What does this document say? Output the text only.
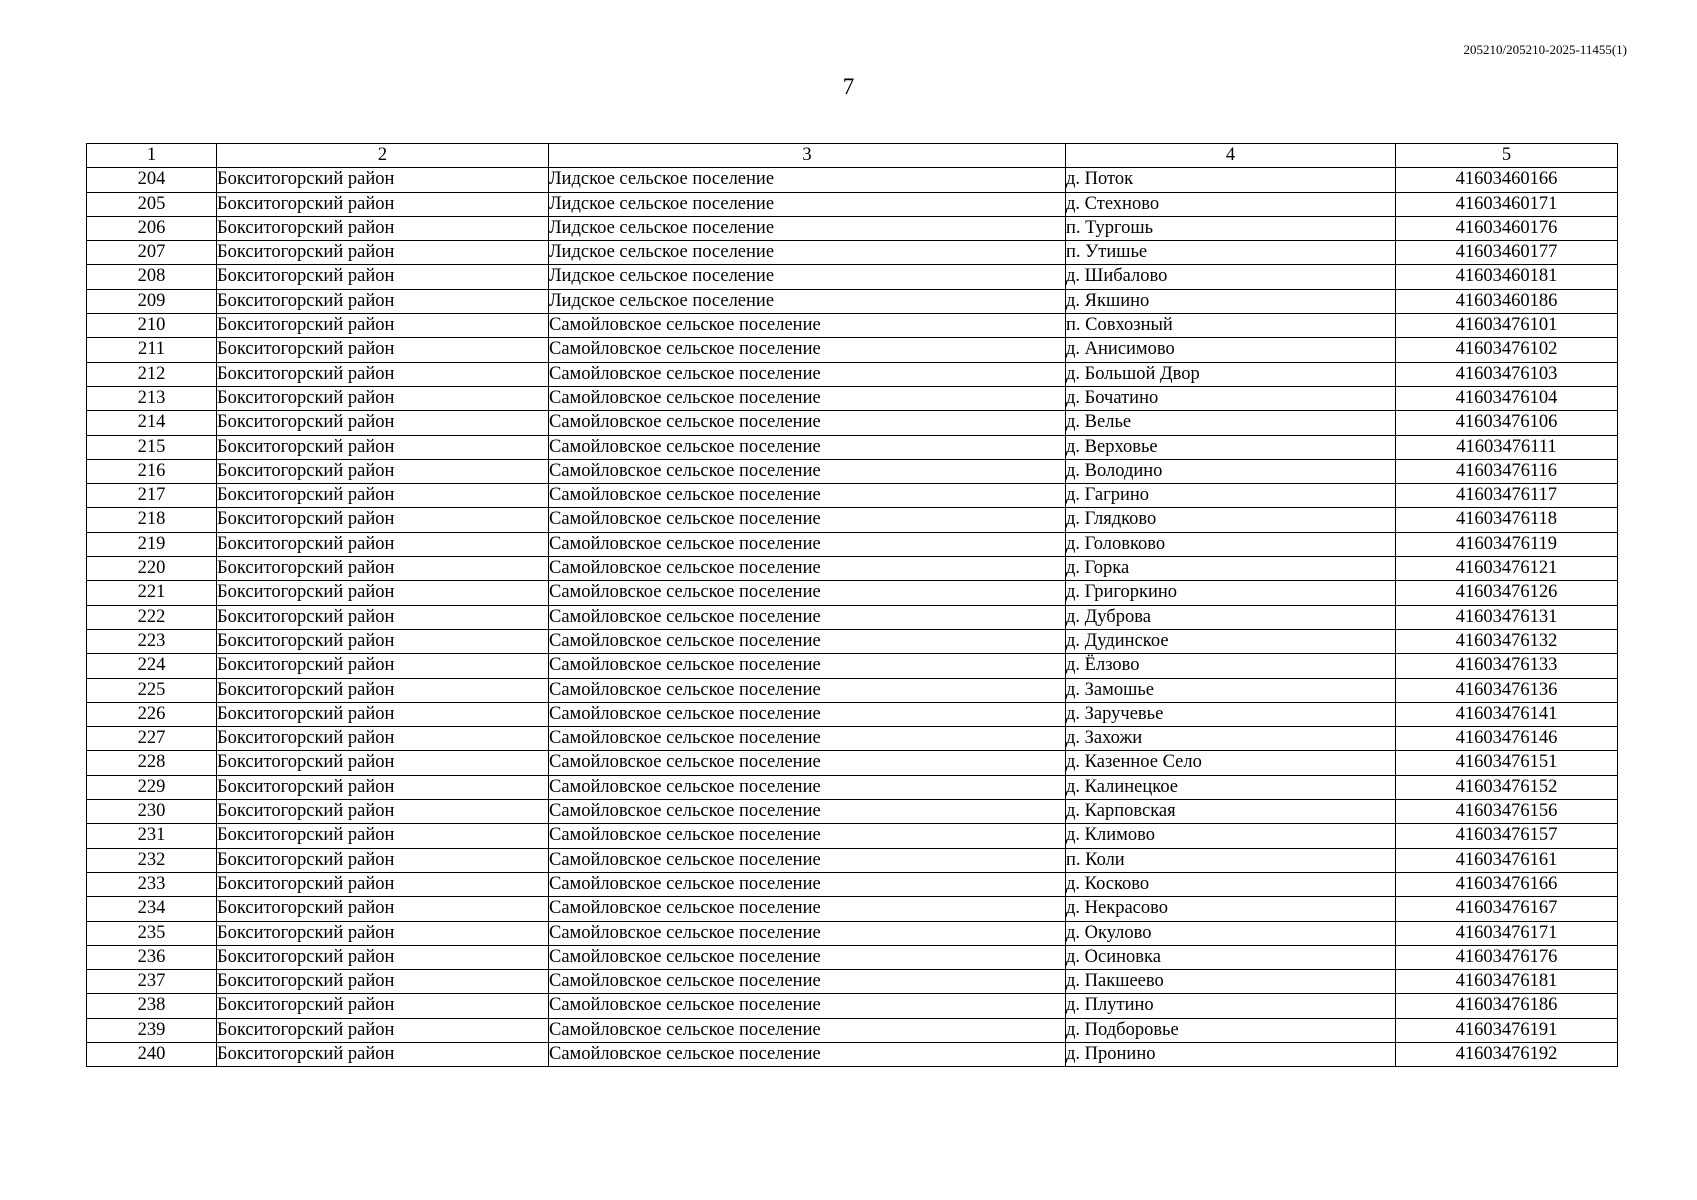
205210/205210-2025-11455(1)
7
1	2	3	4	5
204	Бокситогорский район	Лидское сельское поселение	д. Поток	41603460166
205	Бокситогорский район	Лидское сельское поселение	д. Стехново	41603460171
206	Бокситогорский район	Лидское сельское поселение	п. Тургошь	41603460176
207	Бокситогорский район	Лидское сельское поселение	п. Утишье	41603460177
208	Бокситогорский район	Лидское сельское поселение	д. Шибалово	41603460181
209	Бокситогорский район	Лидское сельское поселение	д. Якшино	41603460186
210	Бокситогорский район	Самойловское сельское поселение	п. Совхозный	41603476101
211	Бокситогорский район	Самойловское сельское поселение	д. Анисимово	41603476102
212	Бокситогорский район	Самойловское сельское поселение	д. Большой Двор	41603476103
213	Бокситогорский район	Самойловское сельское поселение	д. Бочатино	41603476104
214	Бокситогорский район	Самойловское сельское поселение	д. Велье	41603476106
215	Бокситогорский район	Самойловское сельское поселение	д. Верховье	41603476111
216	Бокситогорский район	Самойловское сельское поселение	д. Володино	41603476116
217	Бокситогорский район	Самойловское сельское поселение	д. Гагрино	41603476117
218	Бокситогорский район	Самойловское сельское поселение	д. Глядково	41603476118
219	Бокситогорский район	Самойловское сельское поселение	д. Головково	41603476119
220	Бокситогорский район	Самойловское сельское поселение	д. Горка	41603476121
221	Бокситогорский район	Самойловское сельское поселение	д. Григоркино	41603476126
222	Бокситогорский район	Самойловское сельское поселение	д. Дуброва	41603476131
223	Бокситогорский район	Самойловское сельское поселение	д. Дудинское	41603476132
224	Бокситогорский район	Самойловское сельское поселение	д. Ёлзово	41603476133
225	Бокситогорский район	Самойловское сельское поселение	д. Замошье	41603476136
226	Бокситогорский район	Самойловское сельское поселение	д. Заручевье	41603476141
227	Бокситогорский район	Самойловское сельское поселение	д. Захожи	41603476146
228	Бокситогорский район	Самойловское сельское поселение	д. Казенное Село	41603476151
229	Бокситогорский район	Самойловское сельское поселение	д. Калинецкое	41603476152
230	Бокситогорский район	Самойловское сельское поселение	д. Карповская	41603476156
231	Бокситогорский район	Самойловское сельское поселение	д. Климово	41603476157
232	Бокситогорский район	Самойловское сельское поселение	п. Коли	41603476161
233	Бокситогорский район	Самойловское сельское поселение	д. Косково	41603476166
234	Бокситогорский район	Самойловское сельское поселение	д. Некрасово	41603476167
235	Бокситогорский район	Самойловское сельское поселение	д. Окулово	41603476171
236	Бокситогорский район	Самойловское сельское поселение	д. Осиновка	41603476176
237	Бокситогорский район	Самойловское сельское поселение	д. Пакшеево	41603476181
238	Бокситогорский район	Самойловское сельское поселение	д. Плутино	41603476186
239	Бокситогорский район	Самойловское сельское поселение	д. Подборовье	41603476191
240	Бокситогорский район	Самойловское сельское поселение	д. Пронино	41603476192
